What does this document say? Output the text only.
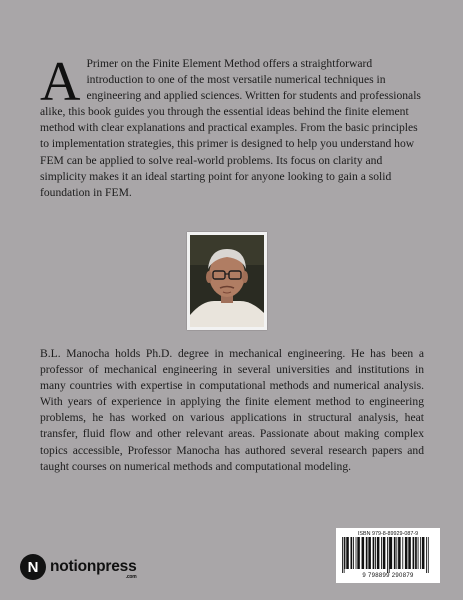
A Primer on the Finite Element Method offers a straightforward introduction to one of the most versatile numerical techniques in engineering and applied sciences. Written for students and professionals alike, this book guides you through the essential ideas behind the finite element method with clear explanations and practical examples. From the basic principles to implementation strategies, this primer is designed to help you understand how FEM can be applied to solve real-world problems. Its focus on clarity and simplicity makes it an ideal starting point for anyone looking to gain a solid foundation in FEM.
B.L. Manocha holds Ph.D. degree in mechanical engineering. He has been a professor of mechanical engineering in several universities and institutions in many countries with expertise in computational methods and numerical analysis. With years of experience in applying the finite element method to engineering problems, he has worked on various applications in structural analysis, heat transfer, fluid flow and other relevant areas. Passionate about making complex topics accessible, Professor Manocha has authored several research papers and taught courses on numerical methods and computational modeling.
ISBN 979-8-89929-087-9
9 798899 290879
N notionpress
.com
